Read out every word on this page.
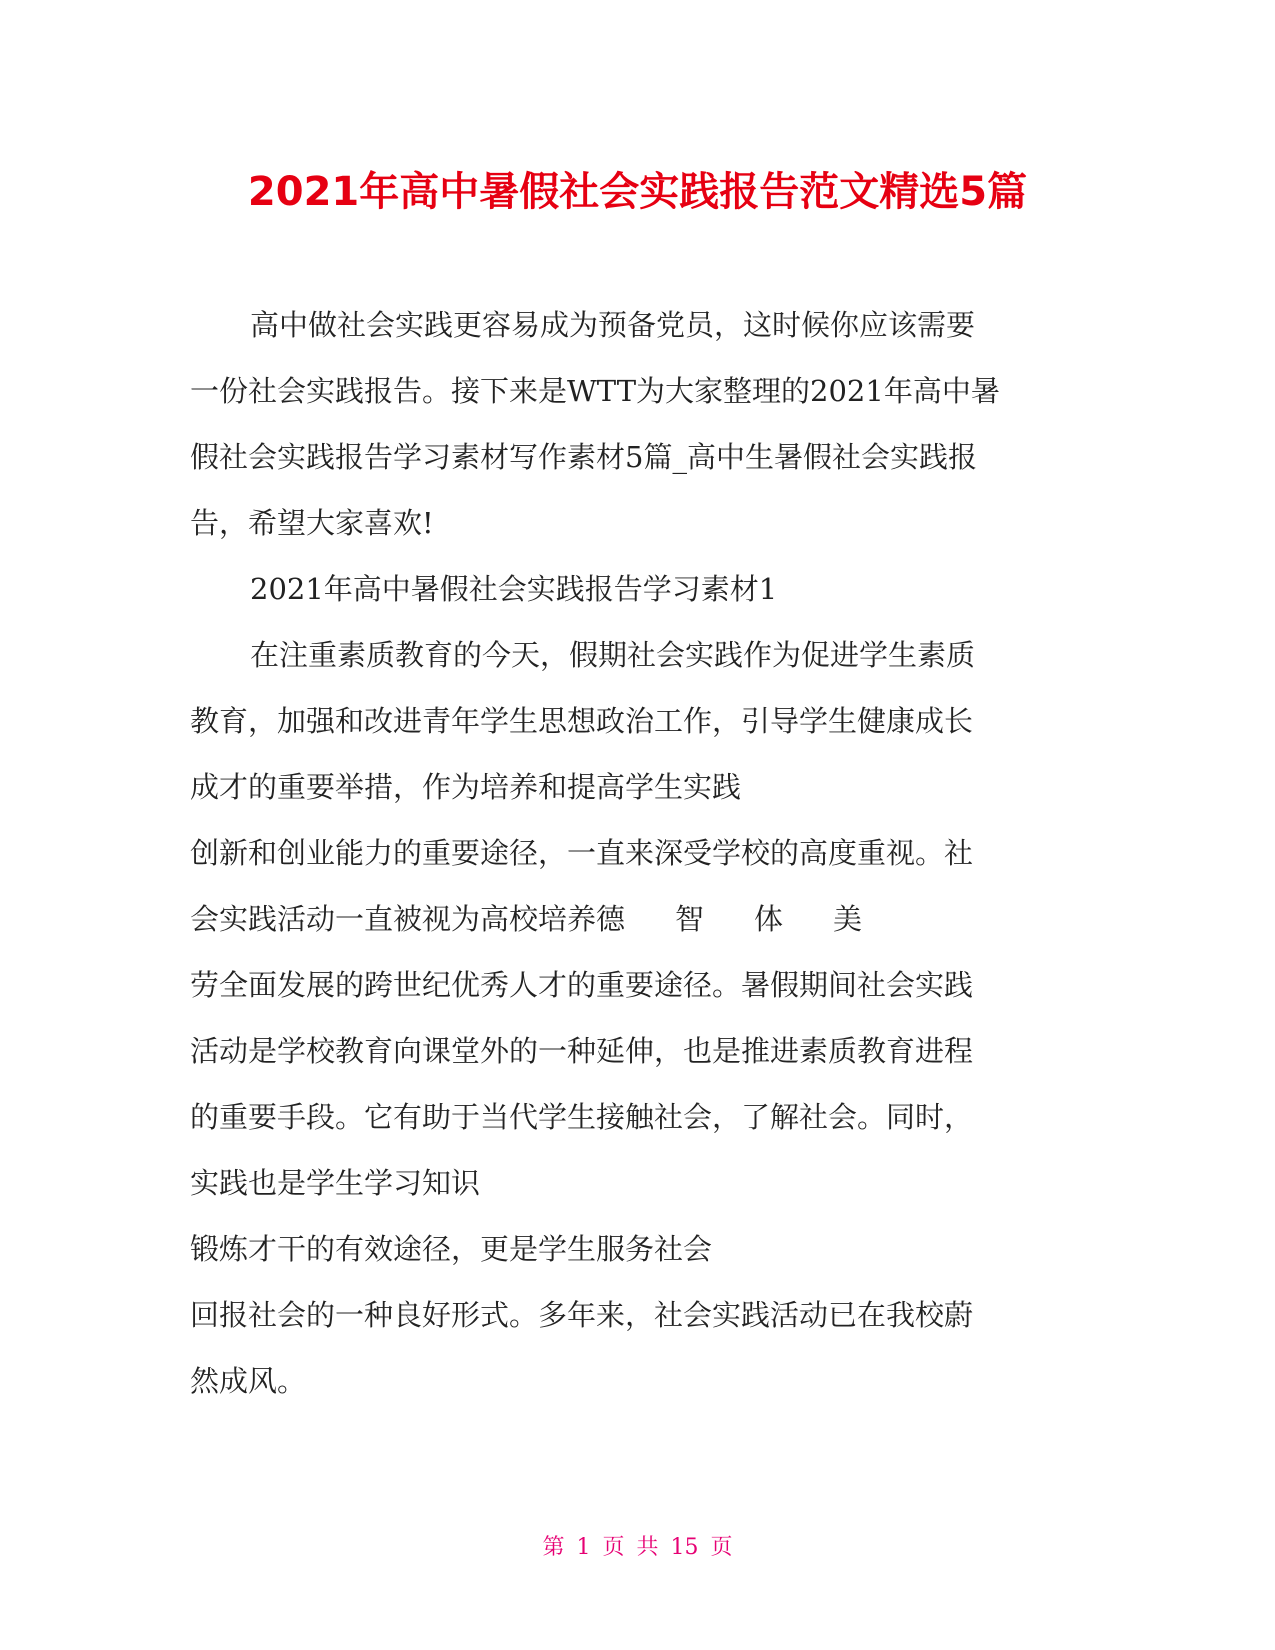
2021年高中暑假社会实践报告范文精选5篇
高中做社会实践更容易成为预备党员，这时候你应该需要
一份社会实践报告。接下来是WTT为大家整理的2021年高中暑
假社会实践报告学习素材写作素材5篇_高中生暑假社会实践报
告，希望大家喜欢!
2021年高中暑假社会实践报告学习素材1
在注重素质教育的今天，假期社会实践作为促进学生素质
教育，加强和改进青年学生思想政治工作，引导学生健康成长
成才的重要举措，作为培养和提高学生实践
创新和创业能力的重要途径，一直来深受学校的高度重视。社
会实践活动一直被视为高校培养德 智 体 美
劳全面发展的跨世纪优秀人才的重要途径。暑假期间社会实践
活动是学校教育向课堂外的一种延伸，也是推进素质教育进程
的重要手段。它有助于当代学生接触社会，了解社会。同时，
实践也是学生学习知识
锻炼才干的有效途径，更是学生服务社会
回报社会的一种良好形式。多年来，社会实践活动已在我校蔚
然成风。
第 1 页 共 15 页
